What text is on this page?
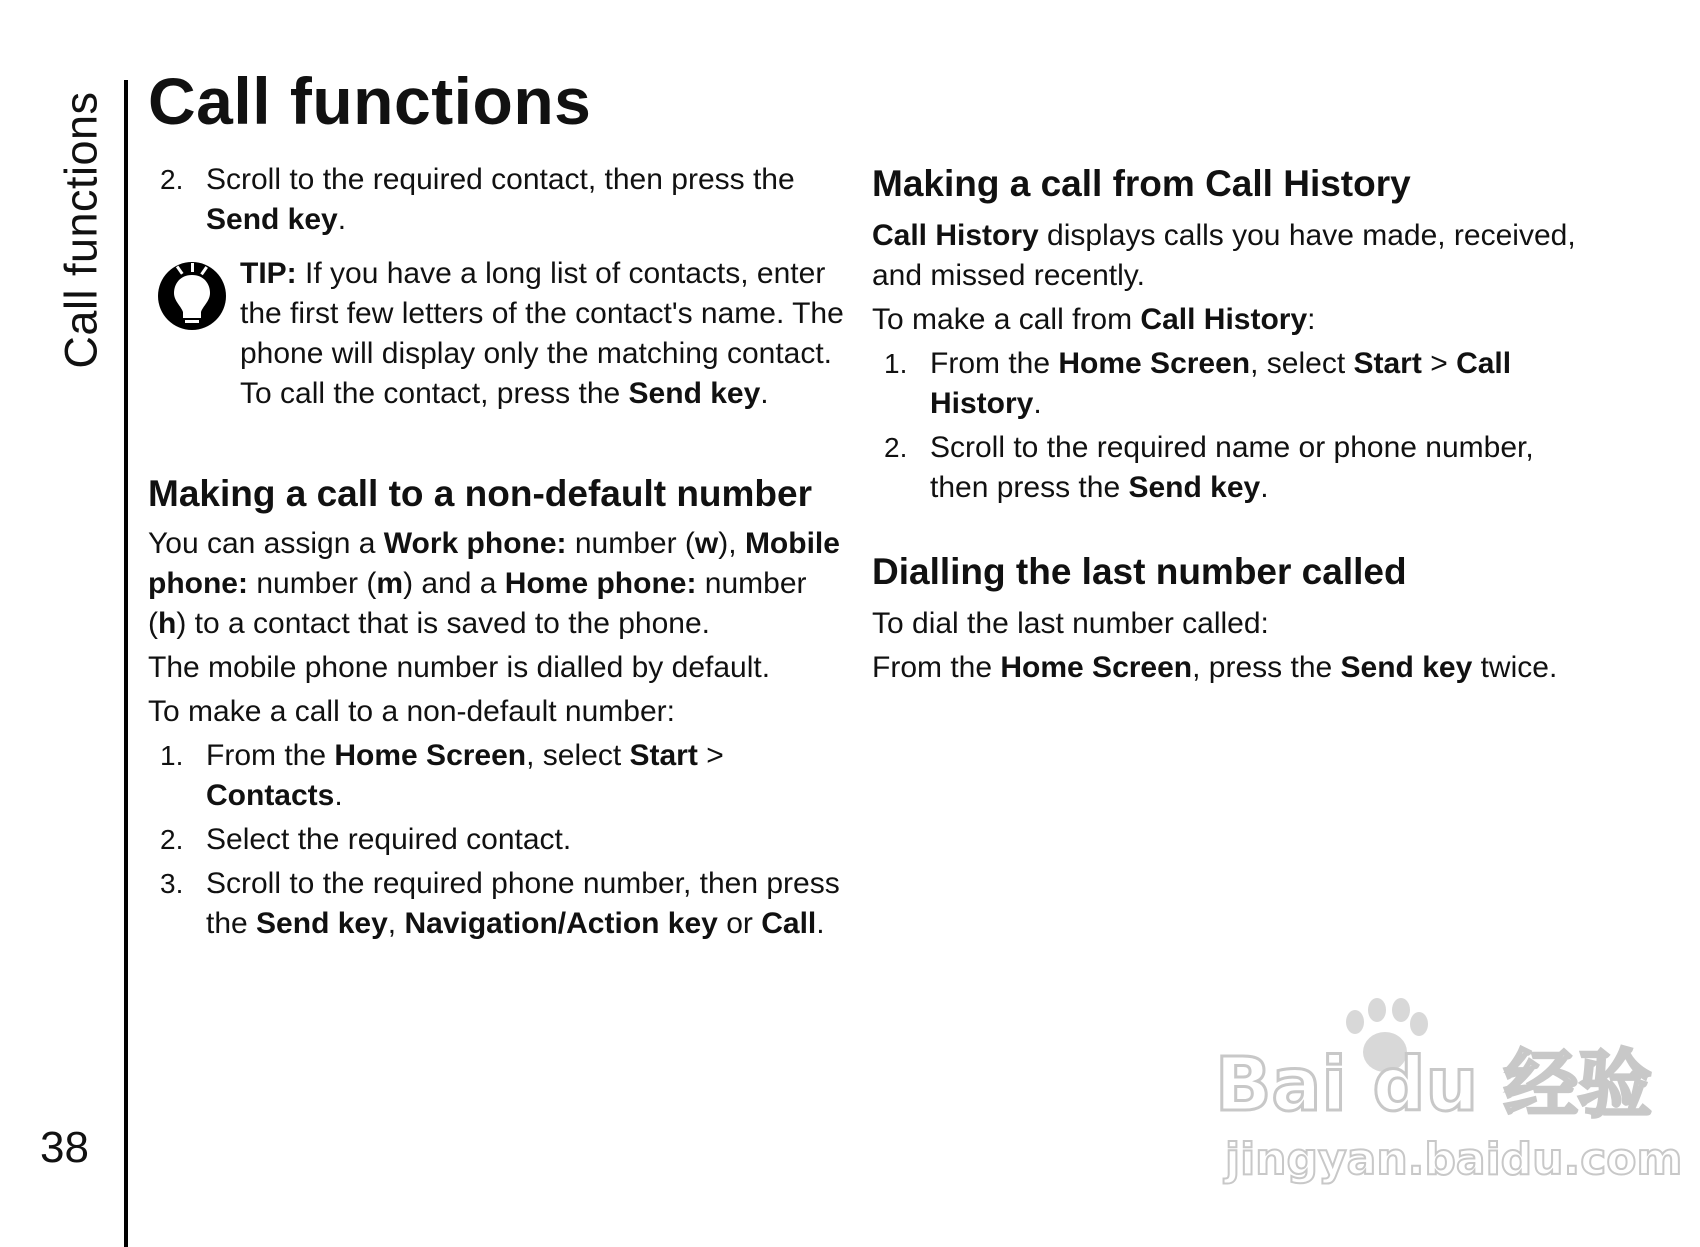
Call functions
38
Call functions
2. Scroll to the required contact, then press the Send key.
TIP: If you have a long list of contacts, enter the first few letters of the contact's name. The phone will display only the matching contact. To call the contact, press the Send key.
Making a call to a non-default number

You can assign a Work phone: number (w), Mobile phone: number (m) and a Home phone: number (h) to a contact that is saved to the phone.

The mobile phone number is dialled by default.

To make a call to a non-default number:

1. From the Home Screen, select Start > Contacts.
2. Select the required contact.
3. Scroll to the required phone number, then press the Send key, Navigation/Action key or Call.
Making a call from Call History

Call History displays calls you have made, received, and missed recently.

To make a call from Call History:

1. From the Home Screen, select Start > Call History.
2. Scroll to the required name or phone number, then press the Send key.
Dialling the last number called

To dial the last number called:

From the Home Screen, press the Send key twice.

Bai du 经验
jingyan.baidu.com
